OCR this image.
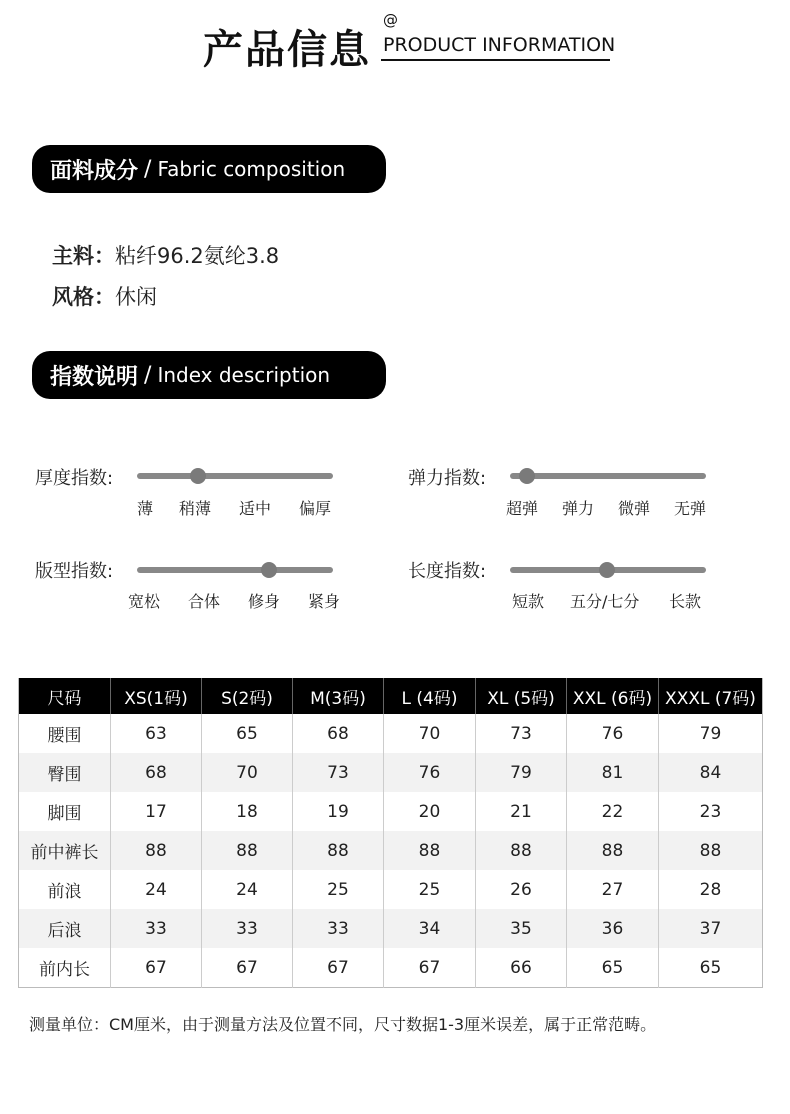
产品信息
@
PRODUCT INFORMATION
面料成分 / Fabric composition
主料：粘纤96.2氨纶3.8
风格：休闲
指数说明 / Index description
厚度指数:
薄 稍薄 适中 偏厚
弹力指数:
超弹 弹力 微弹 无弹
版型指数:
宽松 合体 修身 紧身
长度指数:
短款 五分/七分 长款
尺码	XS(1码)	S(2码)	M(3码)	L (4码)	XL (5码)	XXL (6码)	XXXL (7码)
腰围	63	65	68	70	73	76	79
臀围	68	70	73	76	79	81	84
脚围	17	18	19	20	21	22	23
前中裤长	88	88	88	88	88	88	88
前浪	24	24	25	25	26	27	28
后浪	33	33	33	34	35	36	37
前内长	67	67	67	67	66	65	65
测量单位：CM厘米，由于测量方法及位置不同，尺寸数据1-3厘米误差，属于正常范畴。
